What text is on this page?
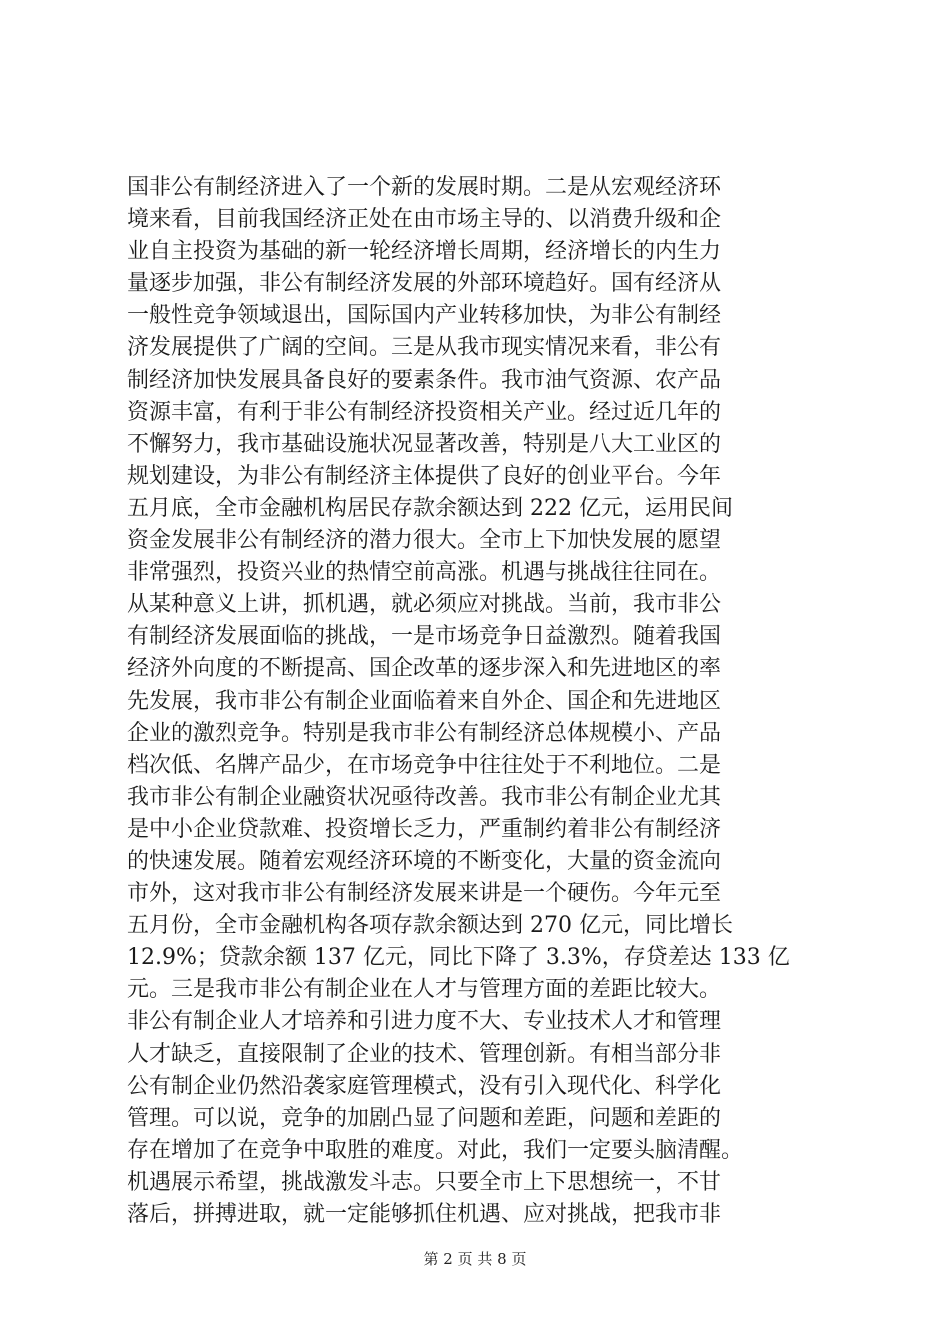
国非公有制经济进入了一个新的发展时期。二是从宏观经济环
境来看，目前我国经济正处在由市场主导的、以消费升级和企
业自主投资为基础的新一轮经济增长周期，经济增长的内生力
量逐步加强，非公有制经济发展的外部环境趋好。国有经济从
一般性竞争领域退出，国际国内产业转移加快，为非公有制经
济发展提供了广阔的空间。三是从我市现实情况来看，非公有
制经济加快发展具备良好的要素条件。我市油气资源、农产品
资源丰富，有利于非公有制经济投资相关产业。经过近几年的
不懈努力，我市基础设施状况显著改善，特别是八大工业区的
规划建设，为非公有制经济主体提供了良好的创业平台。今年
五月底，全市金融机构居民存款余额达到 222 亿元，运用民间
资金发展非公有制经济的潜力很大。全市上下加快发展的愿望
非常强烈，投资兴业的热情空前高涨。机遇与挑战往往同在。
从某种意义上讲，抓机遇，就必须应对挑战。当前，我市非公
有制经济发展面临的挑战，一是市场竞争日益激烈。随着我国
经济外向度的不断提高、国企改革的逐步深入和先进地区的率
先发展，我市非公有制企业面临着来自外企、国企和先进地区
企业的激烈竞争。特别是我市非公有制经济总体规模小、产品
档次低、名牌产品少，在市场竞争中往往处于不利地位。二是
我市非公有制企业融资状况亟待改善。我市非公有制企业尤其
是中小企业贷款难、投资增长乏力，严重制约着非公有制经济
的快速发展。随着宏观经济环境的不断变化，大量的资金流向
市外，这对我市非公有制经济发展来讲是一个硬伤。今年元至
五月份，全市金融机构各项存款余额达到 270 亿元，同比增长
12.9%；贷款余额 137 亿元，同比下降了 3.3%，存贷差达 133 亿
元。三是我市非公有制企业在人才与管理方面的差距比较大。
非公有制企业人才培养和引进力度不大、专业技术人才和管理
人才缺乏，直接限制了企业的技术、管理创新。有相当部分非
公有制企业仍然沿袭家庭管理模式，没有引入现代化、科学化
管理。可以说，竞争的加剧凸显了问题和差距，问题和差距的
存在增加了在竞争中取胜的难度。对此，我们一定要头脑清醒。
机遇展示希望，挑战激发斗志。只要全市上下思想统一，不甘
落后，拼搏进取，就一定能够抓住机遇、应对挑战，把我市非
第 2 页 共 8 页
